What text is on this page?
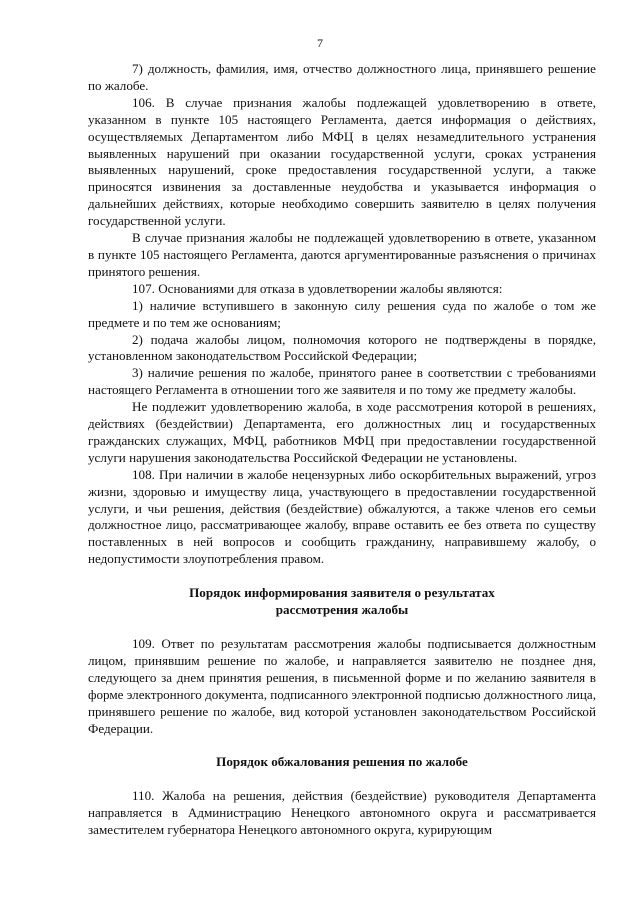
7

7) должность, фамилия, имя, отчество должностного лица, принявшего решение по жалобе.

106. В случае признания жалобы подлежащей удовлетворению в ответе, указанном в пункте 105 настоящего Регламента, дается информация о действиях, осуществляемых Департаментом либо МФЦ в целях незамедлительного устранения выявленных нарушений при оказании государственной услуги, сроках устранения выявленных нарушений, сроке предоставления государственной услуги, а также приносятся извинения за доставленные неудобства и указывается информация о дальнейших действиях, которые необходимо совершить заявителю в целях получения государственной услуги.

В случае признания жалобы не подлежащей удовлетворению в ответе, указанном в пункте 105 настоящего Регламента, даются аргументированные разъяснения о причинах принятого решения.

107. Основаниями для отказа в удовлетворении жалобы являются:

1) наличие вступившего в законную силу решения суда по жалобе о том же предмете и по тем же основаниям;

2) подача жалобы лицом, полномочия которого не подтверждены в порядке, установленном законодательством Российской Федерации;

3) наличие решения по жалобе, принятого ранее в соответствии с требованиями настоящего Регламента в отношении того же заявителя и по тому же предмету жалобы.

Не подлежит удовлетворению жалоба, в ходе рассмотрения которой в решениях, действиях (бездействии) Департамента, его должностных лиц и государственных гражданских служащих, МФЦ, работников МФЦ при предоставлении государственной услуги нарушения законодательства Российской Федерации не установлены.

108. При наличии в жалобе нецензурных либо оскорбительных выражений, угроз жизни, здоровью и имуществу лица, участвующего в предоставлении государственной услуги, и чьи решения, действия (бездействие) обжалуются, а также членов его семьи должностное лицо, рассматривающее жалобу, вправе оставить ее без ответа по существу поставленных в ней вопросов и сообщить гражданину, направившему жалобу, о недопустимости злоупотребления правом.

Порядок информирования заявителя о результатах
рассмотрения жалобы

109. Ответ по результатам рассмотрения жалобы подписывается должностным лицом, принявшим решение по жалобе, и направляется заявителю не позднее дня, следующего за днем принятия решения, в письменной форме и по желанию заявителя в форме электронного документа, подписанного электронной подписью должностного лица, принявшего решение по жалобе, вид которой установлен законодательством Российской Федерации.

Порядок обжалования решения по жалобе

110. Жалоба на решения, действия (бездействие) руководителя Департамента направляется в Администрацию Ненецкого автономного округа и рассматривается заместителем губернатора Ненецкого автономного округа, курирующим
